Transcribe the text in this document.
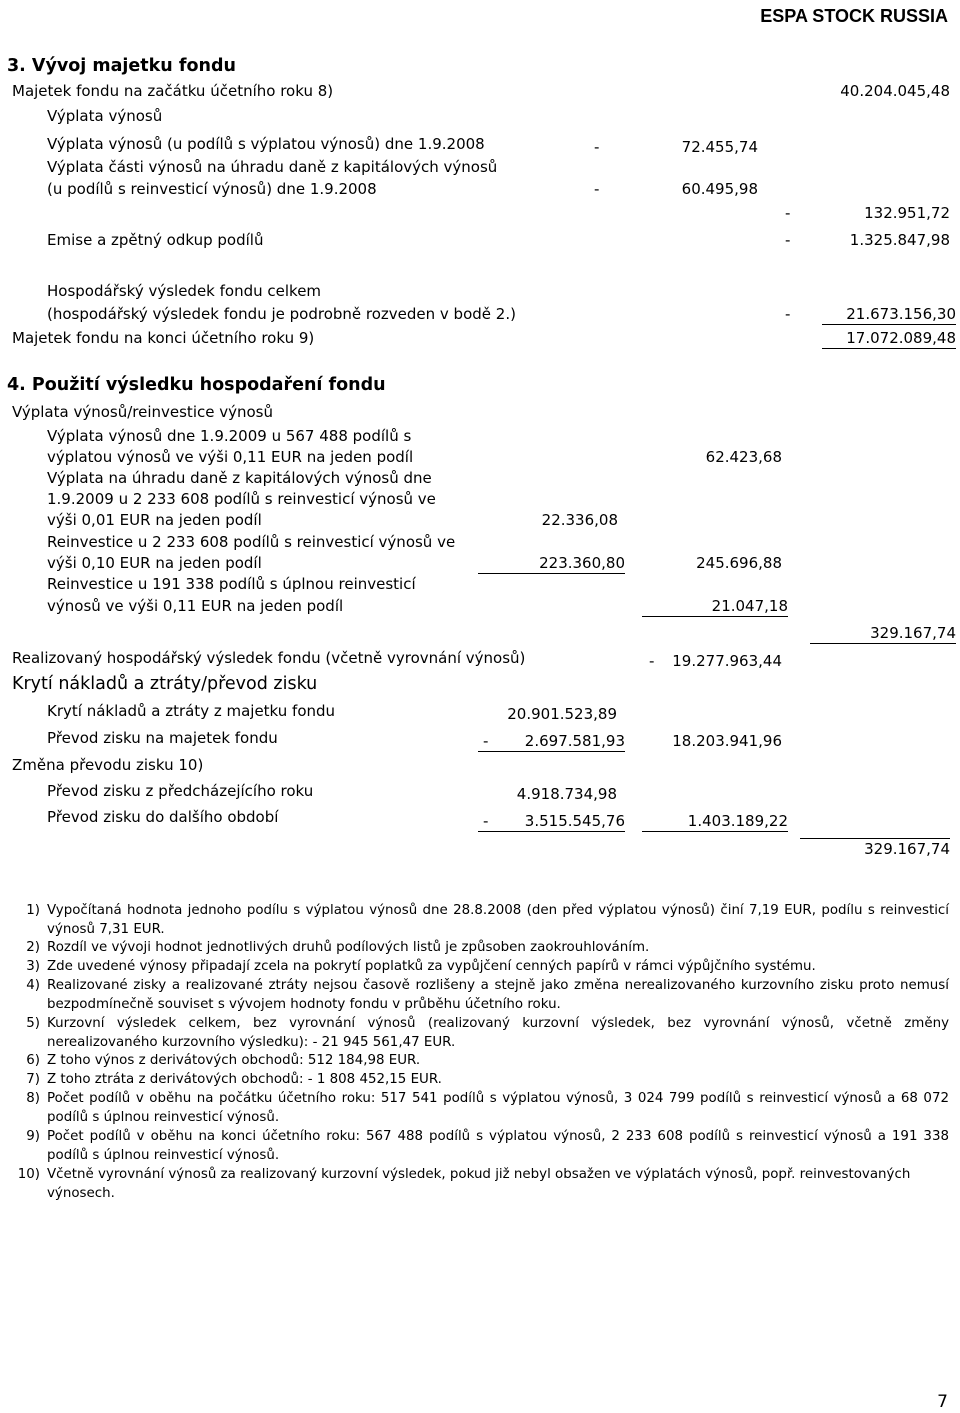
ESPA STOCK RUSSIA
3. Vývoj majetku fondu
Majetek fondu na začátku účetního roku 8)	40.204.045,48
Výplata výnosů
Výplata výnosů (u podílů s výplatou výnosů) dne 1.9.2008	-	72.455,74
Výplata části výnosů na úhradu daně z kapitálových výnosů
(u podílů s reinvesticí výnosů) dne 1.9.2008	-	60.495,98
-	132.951,72
Emise a zpětný odkup podílů	-	1.325.847,98
Hospodářský výsledek fondu celkem
(hospodářský výsledek fondu je podrobně rozveden v bodě 2.)	-	21.673.156,30
Majetek fondu na konci účetního roku 9)	17.072.089,48
4. Použití výsledku hospodaření fondu
Výplata výnosů/reinvestice výnosů
Výplata výnosů dne 1.9.2009 u 567 488 podílů s
výplatou výnosů ve výši 0,11 EUR na jeden podíl	62.423,68
Výplata na úhradu daně z kapitálových výnosů dne
1.9.2009 u 2 233 608 podílů s reinvesticí výnosů ve
výši 0,01 EUR na jeden podíl	22.336,08
Reinvestice u 2 233 608 podílů s reinvesticí výnosů ve
výši 0,10 EUR na jeden podíl	223.360,80	245.696,88
Reinvestice u 191 338 podílů s úplnou reinvesticí
výnosů ve výši 0,11 EUR na jeden podíl	21.047,18
329.167,74
Realizovaný hospodářský výsledek fondu (včetně vyrovnání výnosů)	- 19.277.963,44
Krytí nákladů a ztráty/převod zisku
Krytí nákladů a ztráty z majetku fondu	20.901.523,89
Převod zisku na majetek fondu	-	2.697.581,93	18.203.941,96
Změna převodu zisku 10)
Převod zisku z předcházejícího roku	4.918.734,98
Převod zisku do dalšího období	-	3.515.545,76	1.403.189,22
329.167,74
1) Vypočítaná hodnota jednoho podílu s výplatou výnosů dne 28.8.2008 (den před výplatou výnosů) činí 7,19 EUR, podílu s reinvesticí výnosů 7,31 EUR.
2) Rozdíl ve vývoji hodnot jednotlivých druhů podílových listů je způsoben zaokrouhlováním.
3) Zde uvedené výnosy připadají zcela na pokrytí poplatků za vypůjčení cenných papírů v rámci výpůjčního systému.
4) Realizované zisky a realizované ztráty nejsou časově rozlišeny a stejně jako změna nerealizovaného kurzovního zisku proto nemusí bezpodmínečně souviset s vývojem hodnoty fondu v průběhu účetního roku.
5) Kurzovní výsledek celkem, bez vyrovnání výnosů (realizovaný kurzovní výsledek, bez vyrovnání výnosů, včetně změny nerealizovaného kurzovního výsledku): - 21 945 561,47 EUR.
6) Z toho výnos z derivátových obchodů: 512 184,98 EUR.
7) Z toho ztráta z derivátových obchodů: - 1 808 452,15 EUR.
8) Počet podílů v oběhu na počátku účetního roku: 517 541 podílů s výplatou výnosů, 3 024 799 podílů s reinvesticí výnosů a 68 072 podílů s úplnou reinvesticí výnosů.
9) Počet podílů v oběhu na konci účetního roku: 567 488 podílů s výplatou výnosů, 2 233 608 podílů s reinvesticí výnosů a 191 338 podílů s úplnou reinvesticí výnosů.
10) Včetně vyrovnání výnosů za realizovaný kurzovní výsledek, pokud již nebyl obsažen ve výplatách výnosů, popř. reinvestovaných výnosech.
7
